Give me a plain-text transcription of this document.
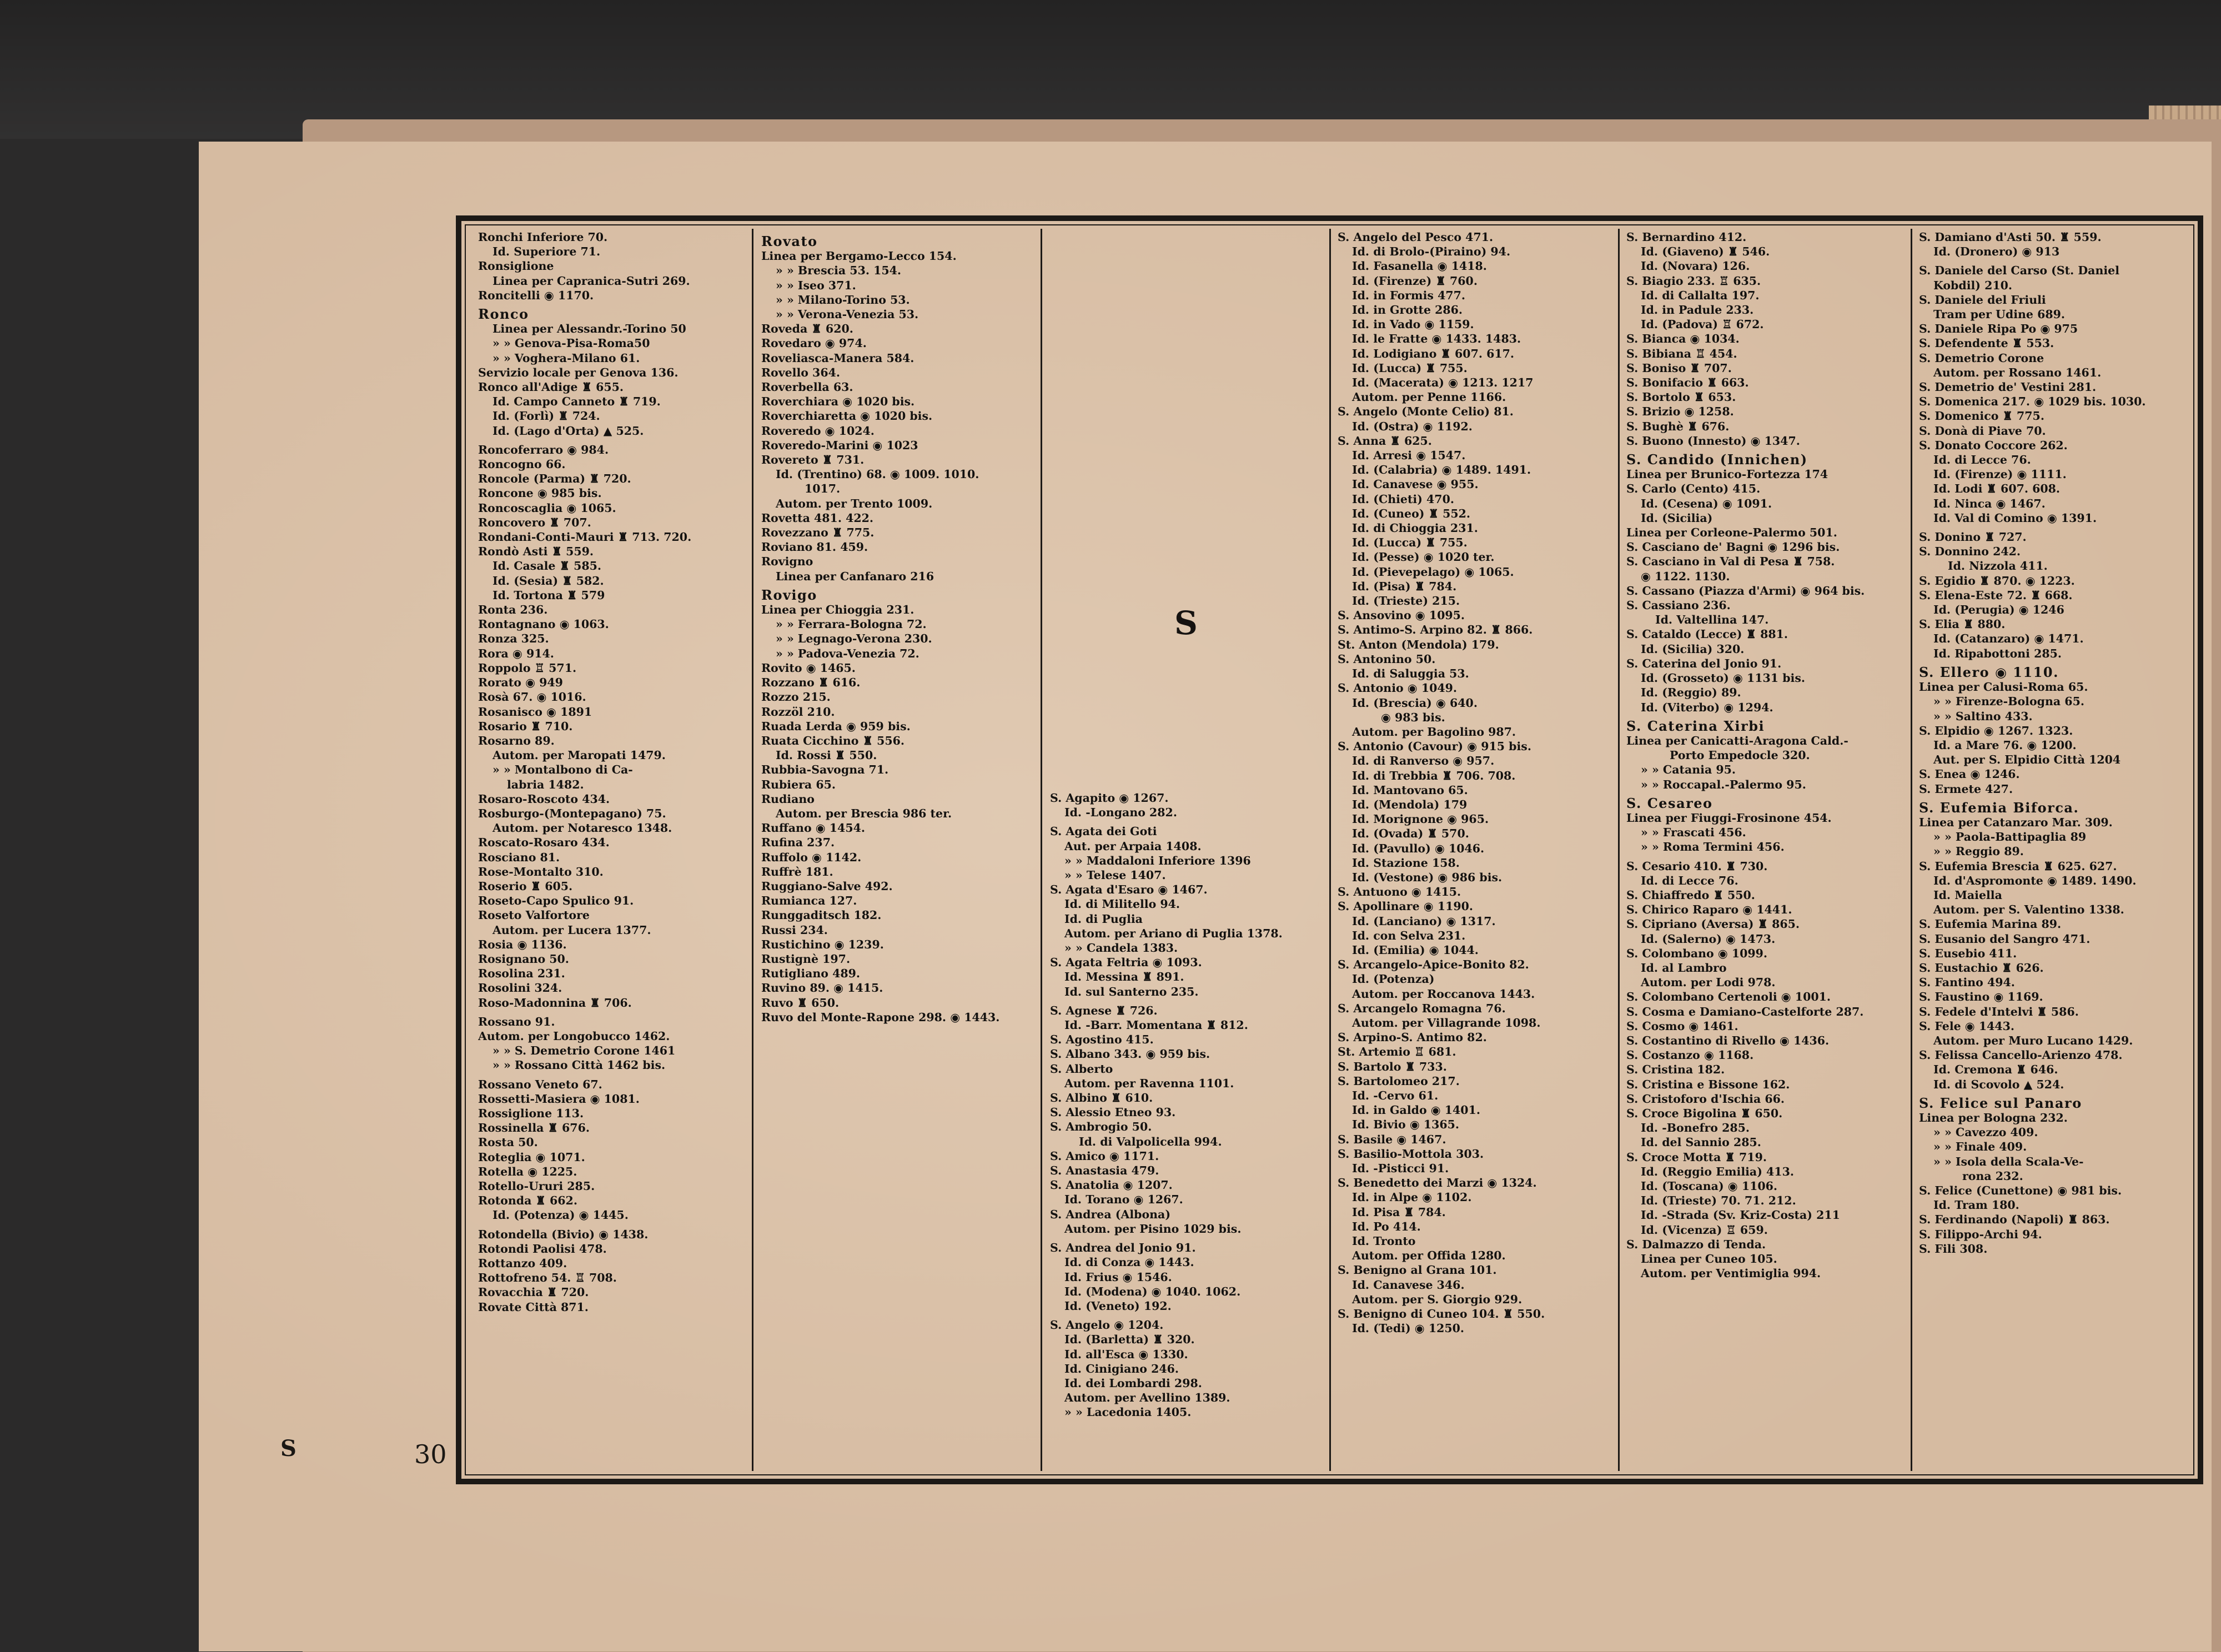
S	30
Ronchi Inferiore 70.
Id. Superiore 71.
Ronsiglione
Linea per Capranica-Sutri 269.
Roncitelli ◉ 1170.
Ronco
Linea per Alessandr.-Torino 50
» » Genova-Pisa-Roma50
» » Voghera-Milano 61.
Servizio locale per Genova 136.
Ronco all'Adige ♜ 655.
Id. Campo Canneto ♜ 719.
Id. (Forlì) ♜ 724.
Id. (Lago d'Orta) ▲ 525.
Roncoferraro ◉ 984.
Roncogno 66.
Roncole (Parma) ♜ 720.
Roncone ◉ 985 bis.
Roncoscaglia ◉ 1065.
Roncovero ♜ 707.
Rondani-Conti-Mauri ♜ 713. 720.
Rondò Asti ♜ 559.
Id. Casale ♜ 585.
Id. (Sesia) ♜ 582.
Id. Tortona ♜ 579
Ronta 236.
Rontagnano ◉ 1063.
Ronza 325.
Rora ◉ 914.
Roppolo ♖ 571.
Rorato ◉ 949
Rosà 67. ◉ 1016.
Rosanisco ◉ 1891
Rosario ♜ 710.
Rosarno 89.
Autom. per Maropati 1479.
» » Montalbono di Ca-
labria 1482.
Rosaro-Roscoto 434.
Rosburgo-(Montepagano) 75.
Autom. per Notaresco 1348.
Roscato-Rosaro 434.
Rosciano 81.
Rose-Montalto 310.
Roserio ♜ 605.
Roseto-Capo Spulico 91.
Roseto Valfortore
Autom. per Lucera 1377.
Rosia ◉ 1136.
Rosignano 50.
Rosolina 231.
Rosolini 324.
Roso-Madonnina ♜ 706.
Rossano 91.
Autom. per Longobucco 1462.
» » S. Demetrio Corone 1461
» » Rossano Città 1462 bis.
Rossano Veneto 67.
Rossetti-Masiera ◉ 1081.
Rossiglione 113.
Rossinella ♜ 676.
Rosta 50.
Roteglia ◉ 1071.
Rotella ◉ 1225.
Rotello-Ururi 285.
Rotonda ♜ 662.
Id. (Potenza) ◉ 1445.
Rotondella (Bivio) ◉ 1438.
Rotondi Paolisi 478.
Rottanzo 409.
Rottofreno 54. ♖ 708.
Rovacchia ♜ 720.
Rovate Città 871.
Rovato
Linea per Bergamo-Lecco 154.
» » Brescia 53. 154.
» » Iseo 371.
» » Milano-Torino 53.
» » Verona-Venezia 53.
Roveda ♜ 620.
Rovedaro ◉ 974.
Roveliasca-Manera 584.
Rovello 364.
Roverbella 63.
Roverchiara ◉ 1020 bis.
Roverchiaretta ◉ 1020 bis.
Roveredo ◉ 1024.
Roveredo-Marini ◉ 1023
Rovereto ♜ 731.
Id. (Trentino) 68. ◉ 1009. 1010.
1017.
Autom. per Trento 1009.
Rovetta 481. 422.
Rovezzano ♜ 775.
Roviano 81. 459.
Rovigno
Linea per Canfanaro 216
Rovigo
Linea per Chioggia 231.
» » Ferrara-Bologna 72.
» » Legnago-Verona 230.
» » Padova-Venezia 72.
Rovito ◉ 1465.
Rozzano ♜ 616.
Rozzo 215.
Rozzöl 210.
Ruada Lerda ◉ 959 bis.
Ruata Cicchino ♜ 556.
Id. Rossi ♜ 550.
Rubbia-Savogna 71.
Rubiera 65.
Rudiano
Autom. per Brescia 986 ter.
Ruffano ◉ 1454.
Rufina 237.
Ruffolo ◉ 1142.
Ruffrè 181.
Ruggiano-Salve 492.
Rumianca 127.
Runggaditsch 182.
Russi 234.
Rustichino ◉ 1239.
Rustignè 197.
Rutigliano 489.
Ruvino 89. ◉ 1415.
Ruvo ♜ 650.
Ruvo del Monte-Rapone 298. ◉ 1443.
S
S. Agapito ◉ 1267.
Id. -Longano 282.
S. Agata dei Goti
Aut. per Arpaia 1408.
» » Maddaloni Inferiore 1396
» » Telese 1407.
S. Agata d'Esaro ◉ 1467.
Id. di Militello 94.
Id. di Puglia
Autom. per Ariano di Puglia 1378.
» » Candela 1383.
S. Agata Feltria ◉ 1093.
Id. Messina ♜ 891.
Id. sul Santerno 235.
S. Agnese ♜ 726.
Id. -Barr. Momentana ♜ 812.
S. Agostino 415.
S. Albano 343. ◉ 959 bis.
S. Alberto
Autom. per Ravenna 1101.
S. Albino ♜ 610.
S. Alessio Etneo 93.
S. Ambrogio 50.
Id. di Valpolicella 994.
S. Amico ◉ 1171.
S. Anastasia 479.
S. Anatolia ◉ 1207.
Id. Torano ◉ 1267.
S. Andrea (Albona)
Autom. per Pisino 1029 bis.
S. Andrea del Jonio 91.
Id. di Conza ◉ 1443.
Id. Frius ◉ 1546.
Id. (Modena) ◉ 1040. 1062.
Id. (Veneto) 192.
S. Angelo ◉ 1204.
Id. (Barletta) ♜ 320.
Id. all'Esca ◉ 1330.
Id. Cinigiano 246.
Id. dei Lombardi 298.
Autom. per Avellino 1389.
» » Lacedonia 1405.
S. Angelo del Pesco 471.
Id. di Brolo-(Piraino) 94.
Id. Fasanella ◉ 1418.
Id. (Firenze) ♜ 760.
Id. in Formis 477.
Id. in Grotte 286.
Id. in Vado ◉ 1159.
Id. le Fratte ◉ 1433. 1483.
Id. Lodigiano ♜ 607. 617.
Id. (Lucca) ♜ 755.
Id. (Macerata) ◉ 1213. 1217
Autom. per Penne 1166.
S. Angelo (Monte Celio) 81.
Id. (Ostra) ◉ 1192.
S. Anna ♜ 625.
Id. Arresi ◉ 1547.
Id. (Calabria) ◉ 1489. 1491.
Id. Canavese ◉ 955.
Id. (Chieti) 470.
Id. (Cuneo) ♜ 552.
Id. di Chioggia 231.
Id. (Lucca) ♜ 755.
Id. (Pesse) ◉ 1020 ter.
Id. (Pievepelago) ◉ 1065.
Id. (Pisa) ♜ 784.
Id. (Trieste) 215.
S. Ansovino ◉ 1095.
S. Antimo-S. Arpino 82. ♜ 866.
St. Anton (Mendola) 179.
S. Antonino 50.
Id. di Saluggia 53.
S. Antonio ◉ 1049.
Id. (Brescia) ◉ 640.
◉ 983 bis.
Autom. per Bagolino 987.
S. Antonio (Cavour) ◉ 915 bis.
Id. di Ranverso ◉ 957.
Id. di Trebbia ♜ 706. 708.
Id. Mantovano 65.
Id. (Mendola) 179
Id. Morignone ◉ 965.
Id. (Ovada) ♜ 570.
Id. (Pavullo) ◉ 1046.
Id. Stazione 158.
Id. (Vestone) ◉ 986 bis.
S. Antuono ◉ 1415.
S. Apollinare ◉ 1190.
Id. (Lanciano) ◉ 1317.
Id. con Selva 231.
Id. (Emilia) ◉ 1044.
S. Arcangelo-Apice-Bonito 82.
Id. (Potenza)
Autom. per Roccanova 1443.
S. Arcangelo Romagna 76.
Autom. per Villagrande 1098.
S. Arpino-S. Antimo 82.
St. Artemio ♖ 681.
S. Bartolo ♜ 733.
S. Bartolomeo 217.
Id. -Cervo 61.
Id. in Galdo ◉ 1401.
Id. Bivio ◉ 1365.
S. Basile ◉ 1467.
S. Basilio-Mottola 303.
Id. -Pisticci 91.
S. Benedetto dei Marzi ◉ 1324.
Id. in Alpe ◉ 1102.
Id. Pisa ♜ 784.
Id. Po 414.
Id. Tronto
Autom. per Offida 1280.
S. Benigno al Grana 101.
Id. Canavese 346.
Autom. per S. Giorgio 929.
S. Benigno di Cuneo 104. ♜ 550.
Id. (Tedi) ◉ 1250.
S. Bernardino 412.
Id. (Giaveno) ♜ 546.
Id. (Novara) 126.
S. Biagio 233. ♖ 635.
Id. di Callalta 197.
Id. in Padule 233.
Id. (Padova) ♖ 672.
S. Bianca ◉ 1034.
S. Bibiana ♖ 454.
S. Boniso ♜ 707.
S. Bonifacio ♜ 663.
S. Bortolo ♜ 653.
S. Brizio ◉ 1258.
S. Bughè ♜ 676.
S. Buono (Innesto) ◉ 1347.
S. Candido (Innichen)
Linea per Brunico-Fortezza 174
S. Carlo (Cento) 415.
Id. (Cesena) ◉ 1091.
Id. (Sicilia)
Linea per Corleone-Palermo 501.
S. Casciano de' Bagni ◉ 1296 bis.
S. Casciano in Val di Pesa ♜ 758.
◉ 1122. 1130.
S. Cassano (Piazza d'Armi) ◉ 964 bis.
S. Cassiano 236.
Id. Valtellina 147.
S. Cataldo (Lecce) ♜ 881.
Id. (Sicilia) 320.
S. Caterina del Jonio 91.
Id. (Grosseto) ◉ 1131 bis.
Id. (Reggio) 89.
Id. (Viterbo) ◉ 1294.
S. Caterina Xirbi
Linea per Canicatti-Aragona Cald.-
Porto Empedocle 320.
» » Catania 95.
» » Roccapal.-Palermo 95.
S. Cesareo
Linea per Fiuggi-Frosinone 454.
» » Frascati 456.
» » Roma Termini 456.
S. Cesario 410. ♜ 730.
Id. di Lecce 76.
S. Chiaffredo ♜ 550.
S. Chirico Raparo ◉ 1441.
S. Cipriano (Aversa) ♜ 865.
Id. (Salerno) ◉ 1473.
S. Colombano ◉ 1099.
Id. al Lambro
Autom. per Lodi 978.
S. Colombano Certenoli ◉ 1001.
S. Cosma e Damiano-Castelforte 287.
S. Cosmo ◉ 1461.
S. Costantino di Rivello ◉ 1436.
S. Costanzo ◉ 1168.
S. Cristina 182.
S. Cristina e Bissone 162.
S. Cristoforo d'Ischia 66.
S. Croce Bigolina ♜ 650.
Id. -Bonefro 285.
Id. del Sannio 285.
S. Croce Motta ♜ 719.
Id. (Reggio Emilia) 413.
Id. (Toscana) ◉ 1106.
Id. (Trieste) 70. 71. 212.
Id. -Strada (Sv. Kriz-Costa) 211
Id. (Vicenza) ♖ 659.
S. Dalmazzo di Tenda.
Linea per Cuneo 105.
Autom. per Ventimiglia 994.
S. Damiano d'Asti 50. ♜ 559.
Id. (Dronero) ◉ 913
S. Daniele del Carso (St. Daniel
Kobdil) 210.
S. Daniele del Friuli
Tram per Udine 689.
S. Daniele Ripa Po ◉ 975
S. Defendente ♜ 553.
S. Demetrio Corone
Autom. per Rossano 1461.
S. Demetrio de' Vestini 281.
S. Domenica 217. ◉ 1029 bis. 1030.
S. Domenico ♜ 775.
S. Donà di Piave 70.
S. Donato Coccore 262.
Id. di Lecce 76.
Id. (Firenze) ◉ 1111.
Id. Lodi ♜ 607. 608.
Id. Ninca ◉ 1467.
Id. Val di Comino ◉ 1391.
S. Donino ♜ 727.
S. Donnino 242.
Id. Nizzola 411.
S. Egidio ♜ 870. ◉ 1223.
S. Elena-Este 72. ♜ 668.
Id. (Perugia) ◉ 1246
S. Elia ♜ 880.
Id. (Catanzaro) ◉ 1471.
Id. Ripabottoni 285.
S. Ellero ◉ 1110.
Linea per Calusi-Roma 65.
» » Firenze-Bologna 65.
» » Saltino 433.
S. Elpidio ◉ 1267. 1323.
Id. a Mare 76. ◉ 1200.
Aut. per S. Elpidio Città 1204
S. Enea ◉ 1246.
S. Ermete 427.
S. Eufemia Biforca.
Linea per Catanzaro Mar. 309.
» » Paola-Battipaglia 89
» » Reggio 89.
S. Eufemia Brescia ♜ 625. 627.
Id. d'Aspromonte ◉ 1489. 1490.
Id. Maiella
Autom. per S. Valentino 1338.
S. Eufemia Marina 89.
S. Eusanio del Sangro 471.
S. Eusebio 411.
S. Eustachio ♜ 626.
S. Fantino 494.
S. Faustino ◉ 1169.
S. Fedele d'Intelvi ♜ 586.
S. Fele ◉ 1443.
Autom. per Muro Lucano 1429.
S. Felissa Cancello-Arienzo 478.
Id. Cremona ♜ 646.
Id. di Scovolo ▲ 524.
S. Felice sul Panaro
Linea per Bologna 232.
» » Cavezzo 409.
» » Finale 409.
» » Isola della Scala-Ve-
rona 232.
S. Felice (Cunettone) ◉ 981 bis.
Id. Tram 180.
S. Ferdinando (Napoli) ♜ 863.
S. Filippo-Archi 94.
S. Fili 308.
